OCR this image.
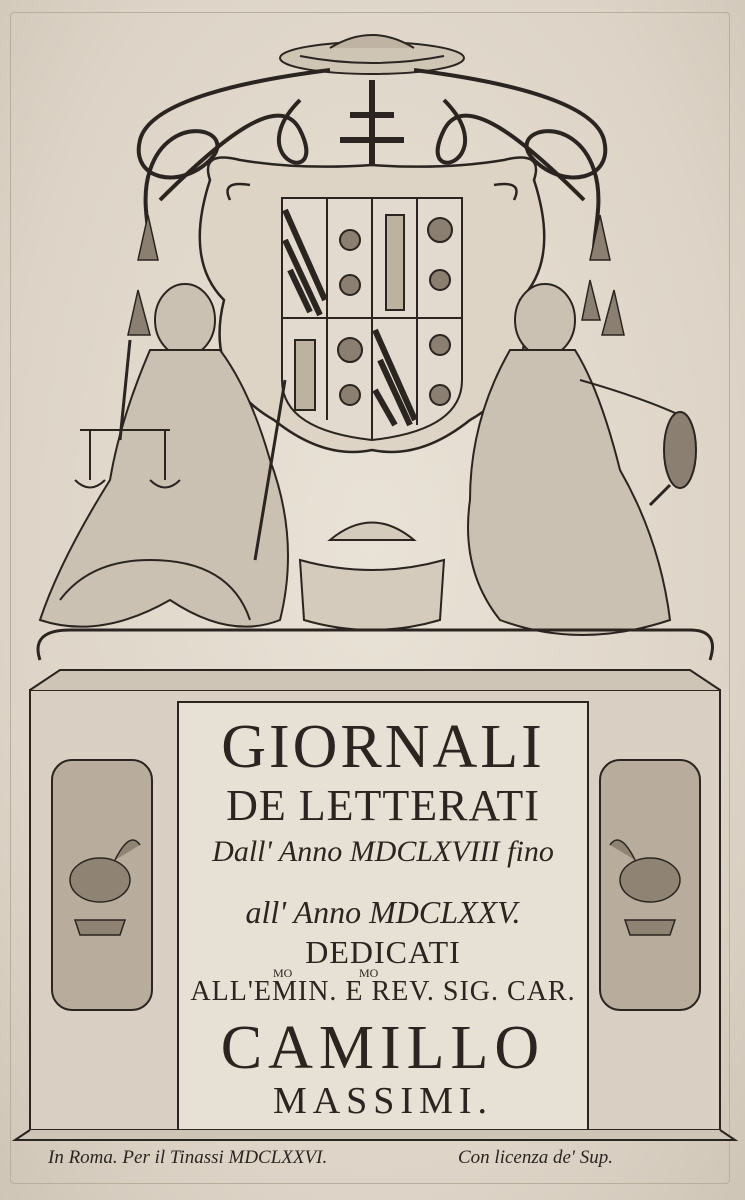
GIORNALI
DE LETTERATI
Dall' Anno MDCLXVIII fino
all' Anno MDCLXXV.
DEDICATI
MO	MO
ALL'EMIN. E REV. SIG. CAR.
CAMILLO
MASSIMI.
In Roma. Per il Tinassi MDCLXXVI.	Con licenza de' Sup.
